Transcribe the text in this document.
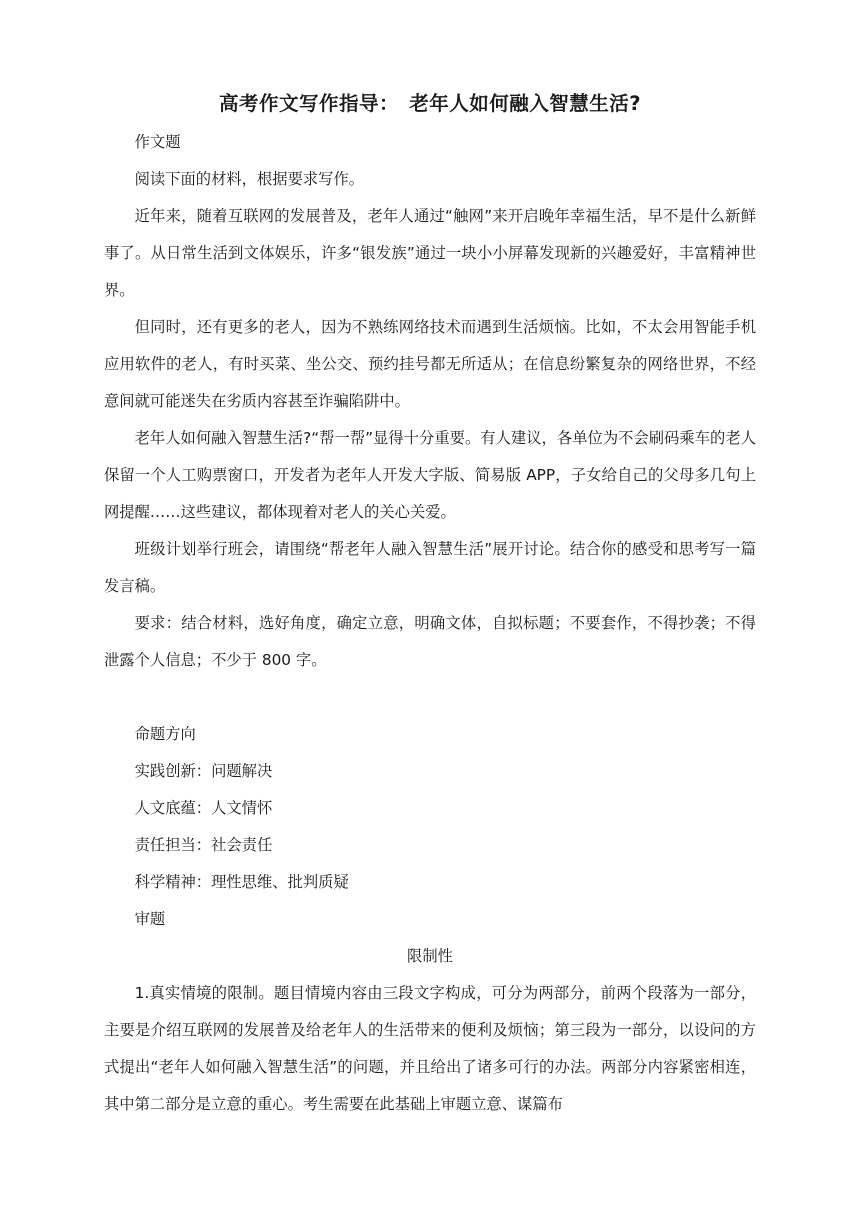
高考作文写作指导：　老年人如何融入智慧生活?

作文题

阅读下面的材料，根据要求写作。

近年来，随着互联网的发展普及，老年人通过“触网”来开启晚年幸福生活，早不是什么新鲜事了。从日常生活到文体娱乐，许多“银发族”通过一块小小屏幕发现新的兴趣爱好，丰富精神世界。

但同时，还有更多的老人，因为不熟练网络技术而遇到生活烦恼。比如，不太会用智能手机应用软件的老人，有时买菜、坐公交、预约挂号都无所适从；在信息纷繁复杂的网络世界，不经意间就可能迷失在劣质内容甚至诈骗陷阱中。

老年人如何融入智慧生活?“帮一帮”显得十分重要。有人建议，各单位为不会刷码乘车的老人保留一个人工购票窗口，开发者为老年人开发大字版、简易版 APP，子女给自己的父母多几句上网提醒……这些建议，都体现着对老人的关心关爱。

班级计划举行班会，请围绕“帮老年人融入智慧生活”展开讨论。结合你的感受和思考写一篇发言稿。

要求：结合材料，选好角度，确定立意，明确文体，自拟标题；不要套作，不得抄袭；不得泄露个人信息；不少于 800 字。

命题方向

实践创新：问题解决

人文底蕴：人文情怀

责任担当：社会责任

科学精神：理性思维、批判质疑

审题

限制性

1.真实情境的限制。题目情境内容由三段文字构成，可分为两部分，前两个段落为一部分，主要是介绍互联网的发展普及给老年人的生活带来的便利及烦恼；第三段为一部分，以设问的方式提出“老年人如何融入智慧生活”的问题，并且给出了诸多可行的办法。两部分内容紧密相连，其中第二部分是立意的重心。考生需要在此基础上审题立意、谋篇布
